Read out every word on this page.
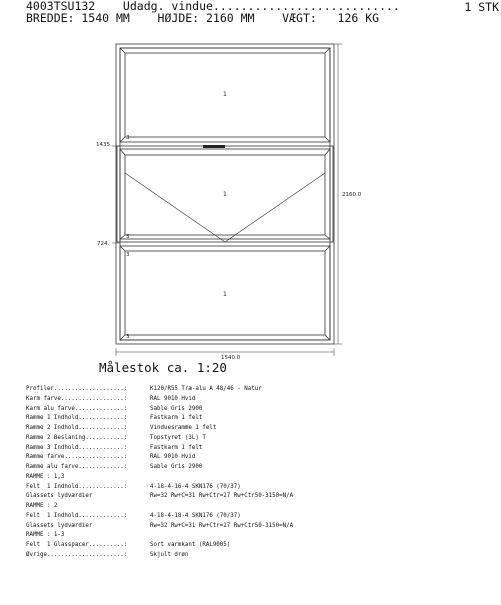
4003TSU132    Udadg. vindue...........................	1 STK
BREDDE: 1540 MM    HØJDE: 2160 MM    VÆGT:   126 KG
2160.0
1540.0
1435.
724.
1
1
1
3
3
3
3
Målestok ca. 1:20
Profiler....................:	K120/R55 Træ-alu A 48/46 - Natur
Karm farve..................:	RAL 9010 Hvid
Karm alu farve..............:	Sable Gris 2900
Ramme 1 Indhold.............:	Fastkarm 1 felt
Ramme 2 Indhold.............:	Vinduesramme 1 felt
Ramme 2 Beslaning...........:	Topstyret (3L) T
Ramme 3 Indhold.............:	Fastkarm 1 felt
Ramme farve.................:	RAL 9010 Hvid
Ramme alu farve.............:	Sable Gris 2900
RAMME : 1,3
Felt  1 Indhold.............:	4-18-4-16-4 SKN176 (70/37)
Glassets lydværdier	Rw=32 Rw+C=31 Rw+Ctr=27 Rw+Ctr50-3150=N/A
RAMME : 2
Felt  1 Indhold.............:	4-18-4-18-4 SKN176 (70/37)
Glassets lydværdier	Rw=32 Rw+C=31 Rw+Ctr=27 Rw+Ctr50-3150=N/A
RAMME : 1-3
Felt  1 Glasspacer..........:	Sort varmkant (RAL9005)
Øvrige......................:	Skjult drøn
